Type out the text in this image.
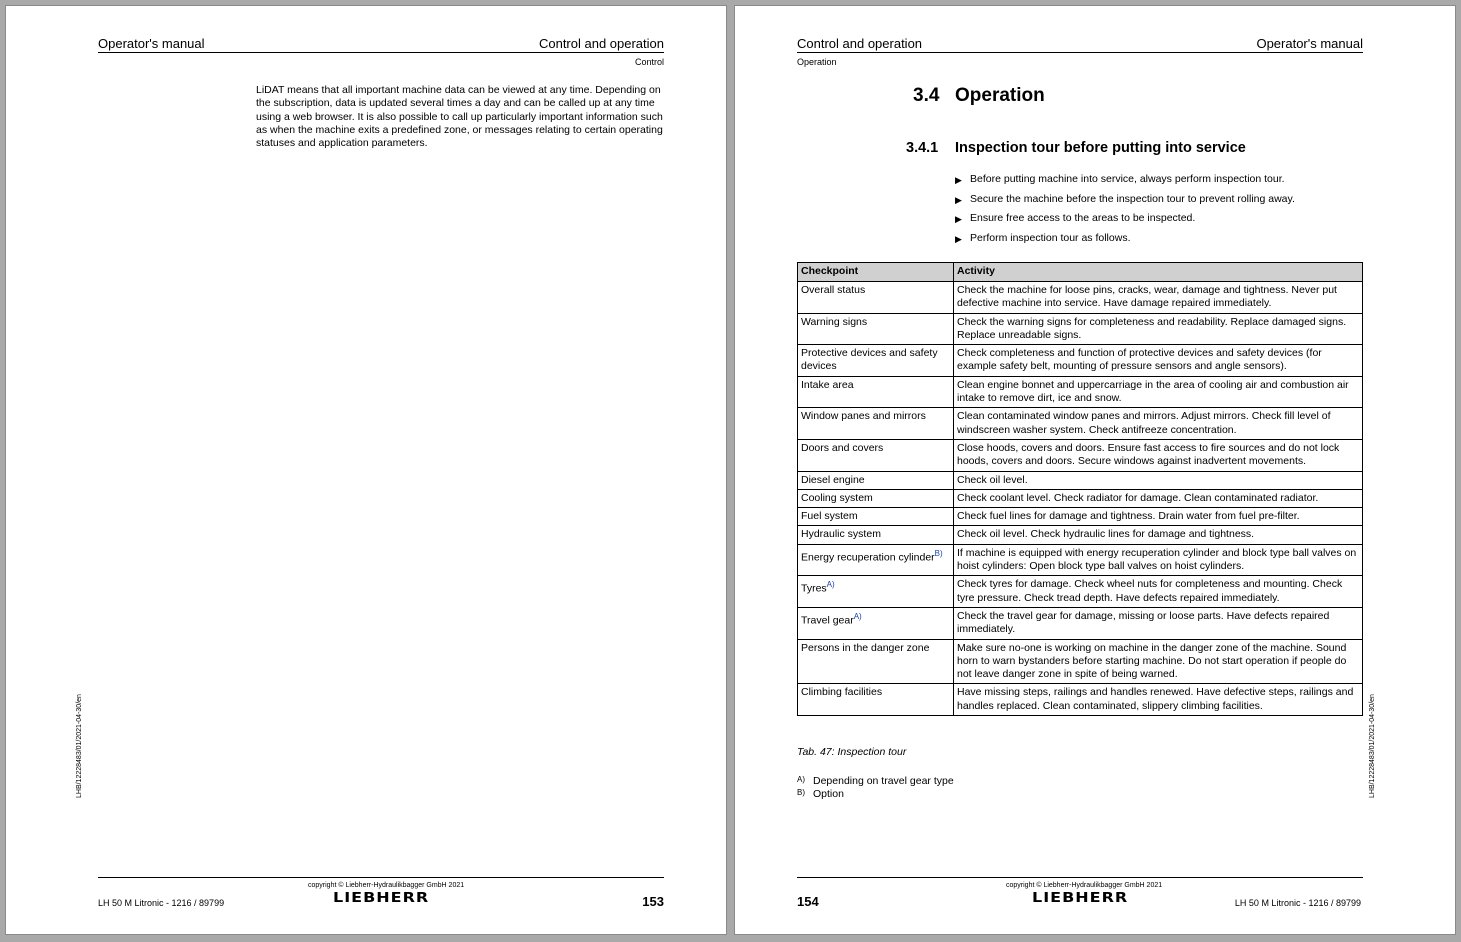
Operator's manual	Control and operation
Control

LiDAT means that all important machine data can be viewed at any time. Depending on the subscription, data is updated several times a day and can be called up at any time using a web browser. It is also possible to call up particularly important information such as when the machine exits a predefined zone, or messages relating to certain operating statuses and application parameters.

LHB/12228483/01/2021-04-30/en
copyright © Liebherr-Hydraulikbagger GmbH 2021
LIEBHERR
LH 50 M Litronic - 1216 / 89799	153
Control and operation	Operator's manual
Operation
3.4 Operation
3.4.1 Inspection tour before putting into service
▶ Before putting machine into service, always perform inspection tour.
▶ Secure the machine before the inspection tour to prevent rolling away.
▶ Ensure free access to the areas to be inspected.
▶ Perform inspection tour as follows.
Checkpoint	Activity
Overall status	Check the machine for loose pins, cracks, wear, damage and tightness. Never put defective machine into service. Have damage repaired immediately.
Warning signs	Check the warning signs for completeness and readability. Replace damaged signs. Replace unreadable signs.
Protective devices and safety devices	Check completeness and function of protective devices and safety devices (for example safety belt, mounting of pressure sensors and angle sensors).
Intake area	Clean engine bonnet and uppercarriage in the area of cooling air and combustion air intake to remove dirt, ice and snow.
Window panes and mirrors	Clean contaminated window panes and mirrors. Adjust mirrors. Check fill level of windscreen washer system. Check antifreeze concentration.
Doors and covers	Close hoods, covers and doors. Ensure fast access to fire sources and do not lock hoods, covers and doors. Secure windows against inadvertent movements.
Diesel engine	Check oil level.
Cooling system	Check coolant level. Check radiator for damage. Clean contaminated radiator.
Fuel system	Check fuel lines for damage and tightness. Drain water from fuel pre-filter.
Hydraulic system	Check oil level. Check hydraulic lines for damage and tightness.
Energy recuperation cylinder$^{B)}$	If machine is equipped with energy recuperation cylinder and block type ball valves on hoist cylinders: Open block type ball valves on hoist cylinders.
Tyres$^{A)}$	Check tyres for damage. Check wheel nuts for completeness and mounting. Check tyre pressure. Check tread depth. Have defects repaired immediately.
Travel gear$^{A)}$	Check the travel gear for damage, missing or loose parts. Have defects repaired immediately.
Persons in the danger zone	Make sure no-one is working on machine in the danger zone of the machine. Sound horn to warn bystanders before starting machine. Do not start operation if people do not leave danger zone in spite of being warned.
Climbing facilities	Have missing steps, railings and handles renewed. Have defective steps, railings and handles replaced. Clean contaminated, slippery climbing facilities.
Tab. 47: Inspection tour
A) Depending on travel gear type
B) Option	LHB/12228483/01/2021-04-30/en
copyright © Liebherr-Hydraulikbagger GmbH 2021
LIEBHERR
154	LH 50 M Litronic - 1216 / 89799
